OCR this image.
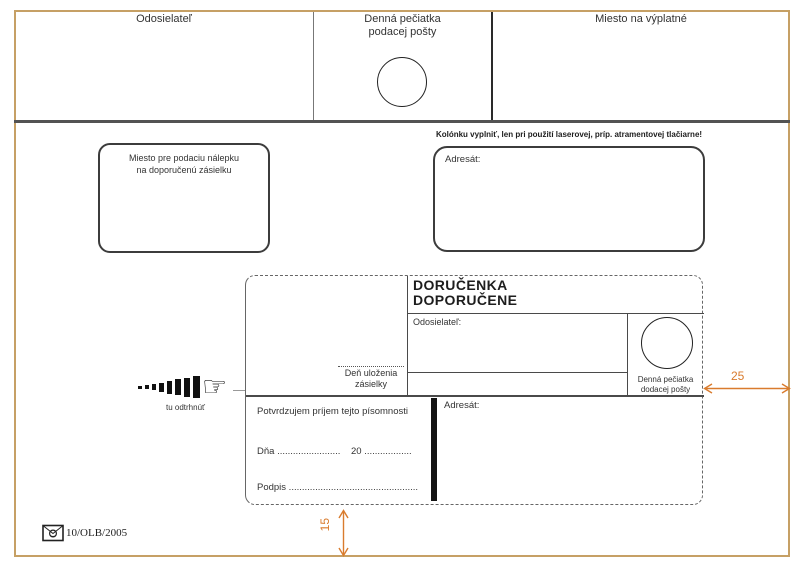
Odosielateľ	Denná pečiatka
podacej pošty
Miesto na výplatné
Kolónku vyplniť, len pri použití laserovej, príp. atramentovej tlačiarne!
Miesto pre podaciu nálepku
na doporučenú zásielku
Adresát:
DORUČENKA
DOPORUČENE
Odosielateľ:
Denná pečiatka
dodacej pošty
Deň uloženia
zásielky
Potvrdzujem príjem tejto písomnosti
Dňa ........................    20 ..................
Podpis .................................................
Adresát:
☞
tu odtrhnúť
25
15
10/OLB/2005
